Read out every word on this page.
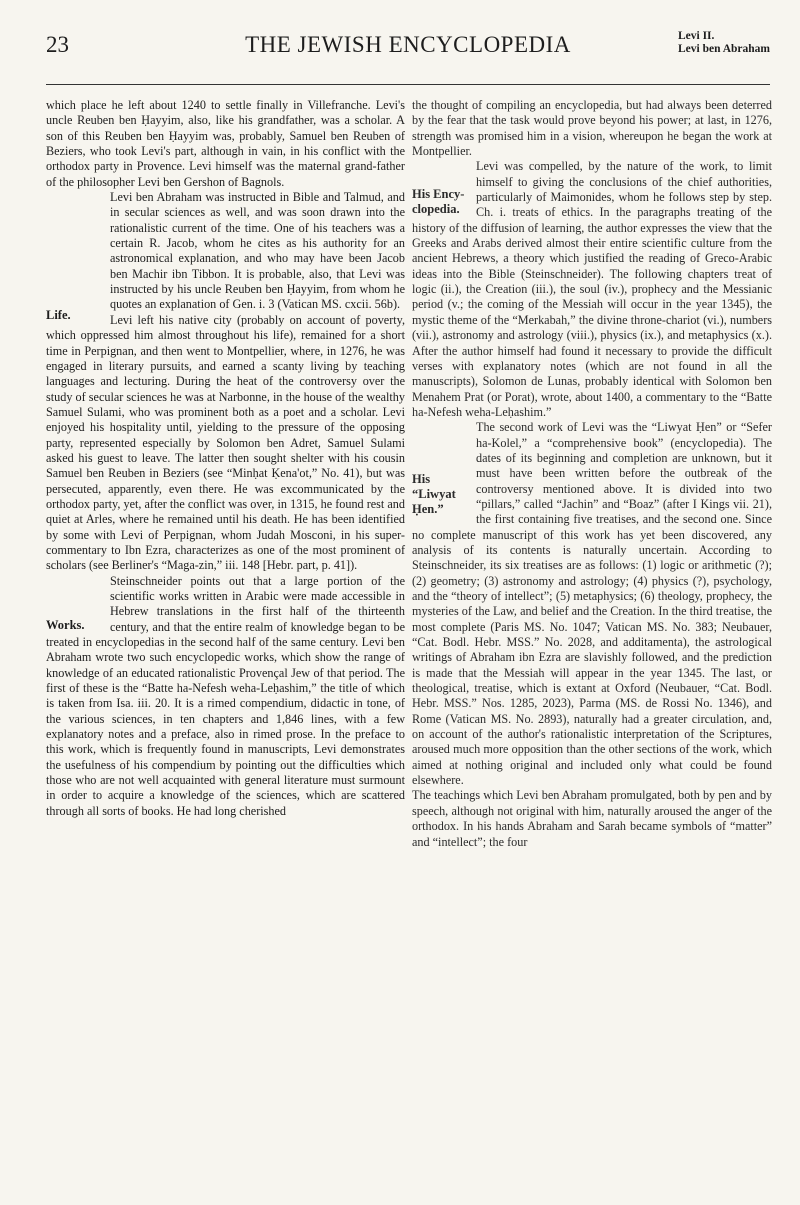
23	THE JEWISH ENCYCLOPEDIA	Levi II.
Levi ben Abraham

which place he left about 1240 to settle finally in Villefranche. Levi's uncle Reuben ben Ḥayyim, also, like his grandfather, was a scholar. A son of this Reuben ben Ḥayyim was, probably, Samuel ben Reuben of Beziers, who took Levi's part, although in vain, in his conflict with the orthodox party in Provence. Levi himself was the maternal grand-father of the philosopher Levi ben Gershon of Bagnols.

Life.
Levi ben Abraham was instructed in Bible and Talmud, and in secular sciences as well, and was soon drawn into the rationalistic current of the time. One of his teachers was a certain R. Jacob, whom he cites as his authority for an astronomical explanation, and who may have been Jacob ben Machir ibn Tibbon. It is probable, also, that Levi was instructed by his uncle Reuben ben Ḥayyim, from whom he quotes an explanation of Gen. i. 3 (Vatican MS. cxcii. 56b).

Levi left his native city (probably on account of poverty, which oppressed him almost throughout his life), remained for a short time in Perpignan, and then went to Montpellier, where, in 1276, he was engaged in literary pursuits, and earned a scanty living by teaching languages and lecturing. During the heat of the controversy over the study of secular sciences he was at Narbonne, in the house of the wealthy Samuel Sulami, who was prominent both as a poet and a scholar. Levi enjoyed his hospitality until, yielding to the pressure of the opposing party, represented especially by Solomon ben Adret, Samuel Sulami asked his guest to leave. The latter then sought shelter with his cousin Samuel ben Reuben in Beziers (see “Minḥat Ḳena'ot,” No. 41), but was persecuted, apparently, even there. He was excommunicated by the orthodox party, yet, after the conflict was over, in 1315, he found rest and quiet at Arles, where he remained until his death. He has been identified by some with Levi of Perpignan, whom Judah Mosconi, in his super-commentary to Ibn Ezra, characterizes as one of the most prominent of scholars (see Berliner's “Maga-zin,” iii. 148 [Hebr. part, p. 41]).

Works.
Steinschneider points out that a large portion of the scientific works written in Arabic were made accessible in Hebrew translations in the first half of the thirteenth century, and that the entire realm of knowledge began to be treated in encyclopedias in the second half of the same century. Levi ben Abraham wrote two such encyclopedic works, which show the range of knowledge of an educated rationalistic Provençal Jew of that period. The first of these is the “Batte ha-Nefesh weha-Leḥashim,” the title of which is taken from Isa. iii. 20. It is a rimed compendium, didactic in tone, of the various sciences, in ten chapters and 1,846 lines, with a few explanatory notes and a preface, also in rimed prose. In the preface to this work, which is frequently found in manuscripts, Levi demonstrates the usefulness of his compendium by pointing out the difficulties which those who are not well acquainted with general literature must surmount in order to acquire a knowledge of the sciences, which are scattered through all sorts of books. He had long cherished

the thought of compiling an encyclopedia, but had always been deterred by the fear that the task would prove beyond his power; at last, in 1276, strength was promised him in a vision, whereupon he began the work at Montpellier.

His Ency-clopedia.
Levi was compelled, by the nature of the work, to limit himself to giving the conclusions of the chief authorities, particularly of Maimonides, whom he follows step by step. Ch. i. treats of ethics. In the paragraphs treating of the history of the diffusion of learning, the author expresses the view that the Greeks and Arabs derived almost their entire scientific culture from the ancient Hebrews, a theory which justified the reading of Greco-Arabic ideas into the Bible (Steinschneider). The following chapters treat of logic (ii.), the Creation (iii.), the soul (iv.), prophecy and the Messianic period (v.; the coming of the Messiah will occur in the year 1345), the mystic theme of the “Merkabah,” the divine throne-chariot (vi.), numbers (vii.), astronomy and astrology (viii.), physics (ix.), and metaphysics (x.). After the author himself had found it necessary to provide the difficult verses with explanatory notes (which are not found in all the manuscripts), Solomon de Lunas, probably identical with Solomon ben Menahem Prat (or Porat), wrote, about 1400, a commentary to the “Batte ha-Nefesh weha-Leḥashim.”

His “Liwyat Ḥen.”
The second work of Levi was the “Liwyat Ḥen” or “Sefer ha-Kolel,” a “comprehensive book” (encyclopedia). The dates of its beginning and completion are unknown, but it must have been written before the outbreak of the controversy mentioned above. It is divided into two “pillars,” called “Jachin” and “Boaz” (after I Kings vii. 21), the first containing five treatises, and the second one. Since no complete manuscript of this work has yet been discovered, any analysis of its contents is naturally uncertain. According to Steinschneider, its six treatises are as follows: (1) logic or arithmetic (?); (2) geometry; (3) astronomy and astrology; (4) physics (?), psychology, and the “theory of intellect”; (5) metaphysics; (6) theology, prophecy, the mysteries of the Law, and belief and the Creation. In the third treatise, the most complete (Paris MS. No. 1047; Vatican MS. No. 383; Neubauer, “Cat. Bodl. Hebr. MSS.” No. 2028, and additamenta), the astrological writings of Abraham ibn Ezra are slavishly followed, and the prediction is made that the Messiah will appear in the year 1345. The last, or theological, treatise, which is extant at Oxford (Neubauer, “Cat. Bodl. Hebr. MSS.” Nos. 1285, 2023), Parma (MS. de Rossi No. 1346), and Rome (Vatican MS. No. 2893), naturally had a greater circulation, and, on account of the author's rationalistic interpretation of the Scriptures, aroused much more opposition than the other sections of the work, which aimed at nothing original and included only what could be found elsewhere.

The teachings which Levi ben Abraham promulgated, both by pen and by speech, although not original with him, naturally aroused the anger of the orthodox. In his hands Abraham and Sarah became symbols of “matter” and “intellect”; the four
